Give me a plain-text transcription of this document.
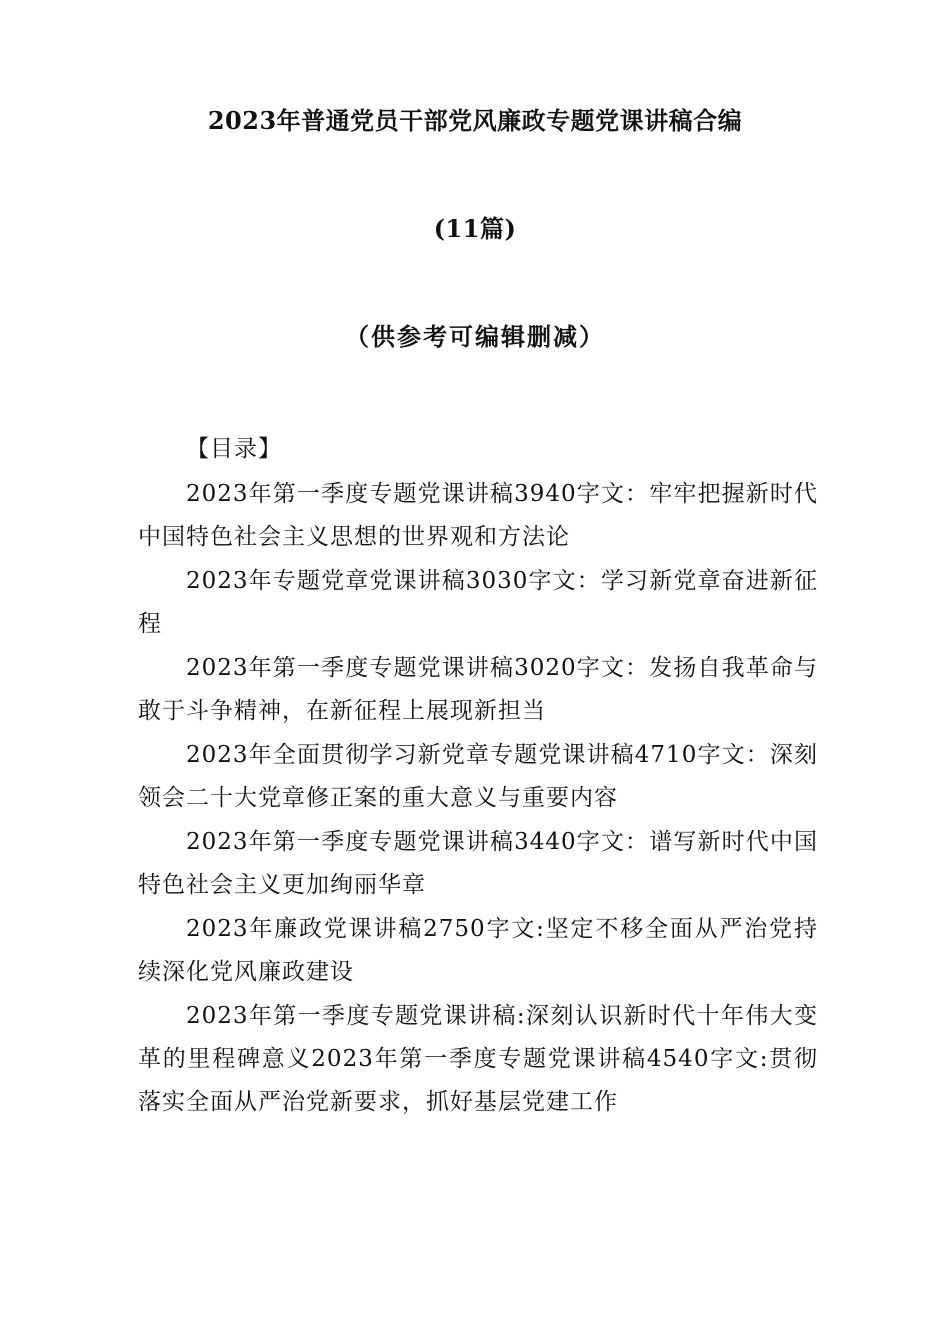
2023年普通党员干部党风廉政专题党课讲稿合编
(11篇)
（供参考可编辑删减）
【目录】

2023年第一季度专题党课讲稿3940字文：牢牢把握新时代中国特色社会主义思想的世界观和方法论

2023年专题党章党课讲稿3030字文：学习新党章奋进新征程

2023年第一季度专题党课讲稿3020字文：发扬自我革命与敢于斗争精神，在新征程上展现新担当

2023年全面贯彻学习新党章专题党课讲稿4710字文：深刻领会二十大党章修正案的重大意义与重要内容

2023年第一季度专题党课讲稿3440字文：谱写新时代中国特色社会主义更加绚丽华章

2023年廉政党课讲稿2750字文:坚定不移全面从严治党持续深化党风廉政建设

2023年第一季度专题党课讲稿:深刻认识新时代十年伟大变革的里程碑意义2023年第一季度专题党课讲稿4540字文:贯彻落实全面从严治党新要求，抓好基层党建工作
